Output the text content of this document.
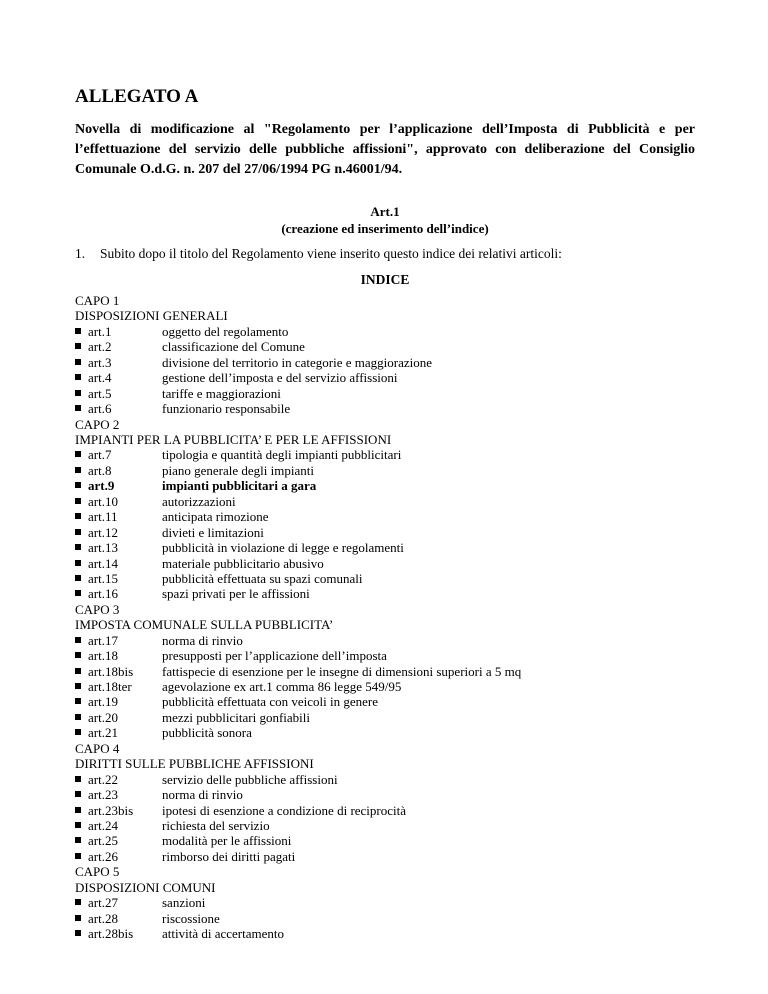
ALLEGATO A
Novella di modificazione al "Regolamento per l’applicazione dell’Imposta di Pubblicità e per l’effettuazione del servizio delle pubbliche affissioni", approvato con deliberazione del Consiglio Comunale O.d.G. n. 207 del 27/06/1994 PG n.46001/94.
Art.1
(creazione ed inserimento dell’indice)
1. Subito dopo il titolo del Regolamento viene inserito questo indice dei relativi articoli:
INDICE
CAPO 1
DISPOSIZIONI GENERALI
art.1	oggetto del regolamento
art.2	classificazione del Comune
art.3	divisione del territorio in categorie e maggiorazione
art.4	gestione dell’imposta e del servizio affissioni
art.5	tariffe e maggiorazioni
art.6	funzionario responsabile
CAPO 2
IMPIANTI PER LA PUBBLICITA’ E PER LE AFFISSIONI
art.7	tipologia e quantità degli impianti pubblicitari
art.8	piano generale degli impianti
art.9	impianti pubblicitari a gara
art.10	autorizzazioni
art.11	anticipata rimozione
art.12	divieti e limitazioni
art.13	pubblicità in violazione di legge e regolamenti
art.14	materiale pubblicitario abusivo
art.15	pubblicità effettuata su spazi comunali
art.16	spazi privati per le affissioni
CAPO 3
IMPOSTA COMUNALE SULLA PUBBLICITA’
art.17	norma di rinvio
art.18	presupposti per l’applicazione dell’imposta
art.18bis fattispecie di esenzione per le insegne di dimensioni superiori a 5 mq
art.18ter agevolazione ex art.1 comma 86 legge 549/95
art.19	pubblicità effettuata con veicoli in genere
art.20	mezzi pubblicitari gonfiabili
art.21	pubblicità sonora
CAPO 4
DIRITTI SULLE PUBBLICHE AFFISSIONI
art.22	servizio delle pubbliche affissioni
art.23	norma di rinvio
art.23bis ipotesi di esenzione a condizione di reciprocità
art.24	richiesta del servizio
art.25	modalità per le affissioni
art.26	rimborso dei diritti pagati
CAPO 5
DISPOSIZIONI COMUNI
art.27	sanzioni
art.28	riscossione
art.28bis attività di accertamento
